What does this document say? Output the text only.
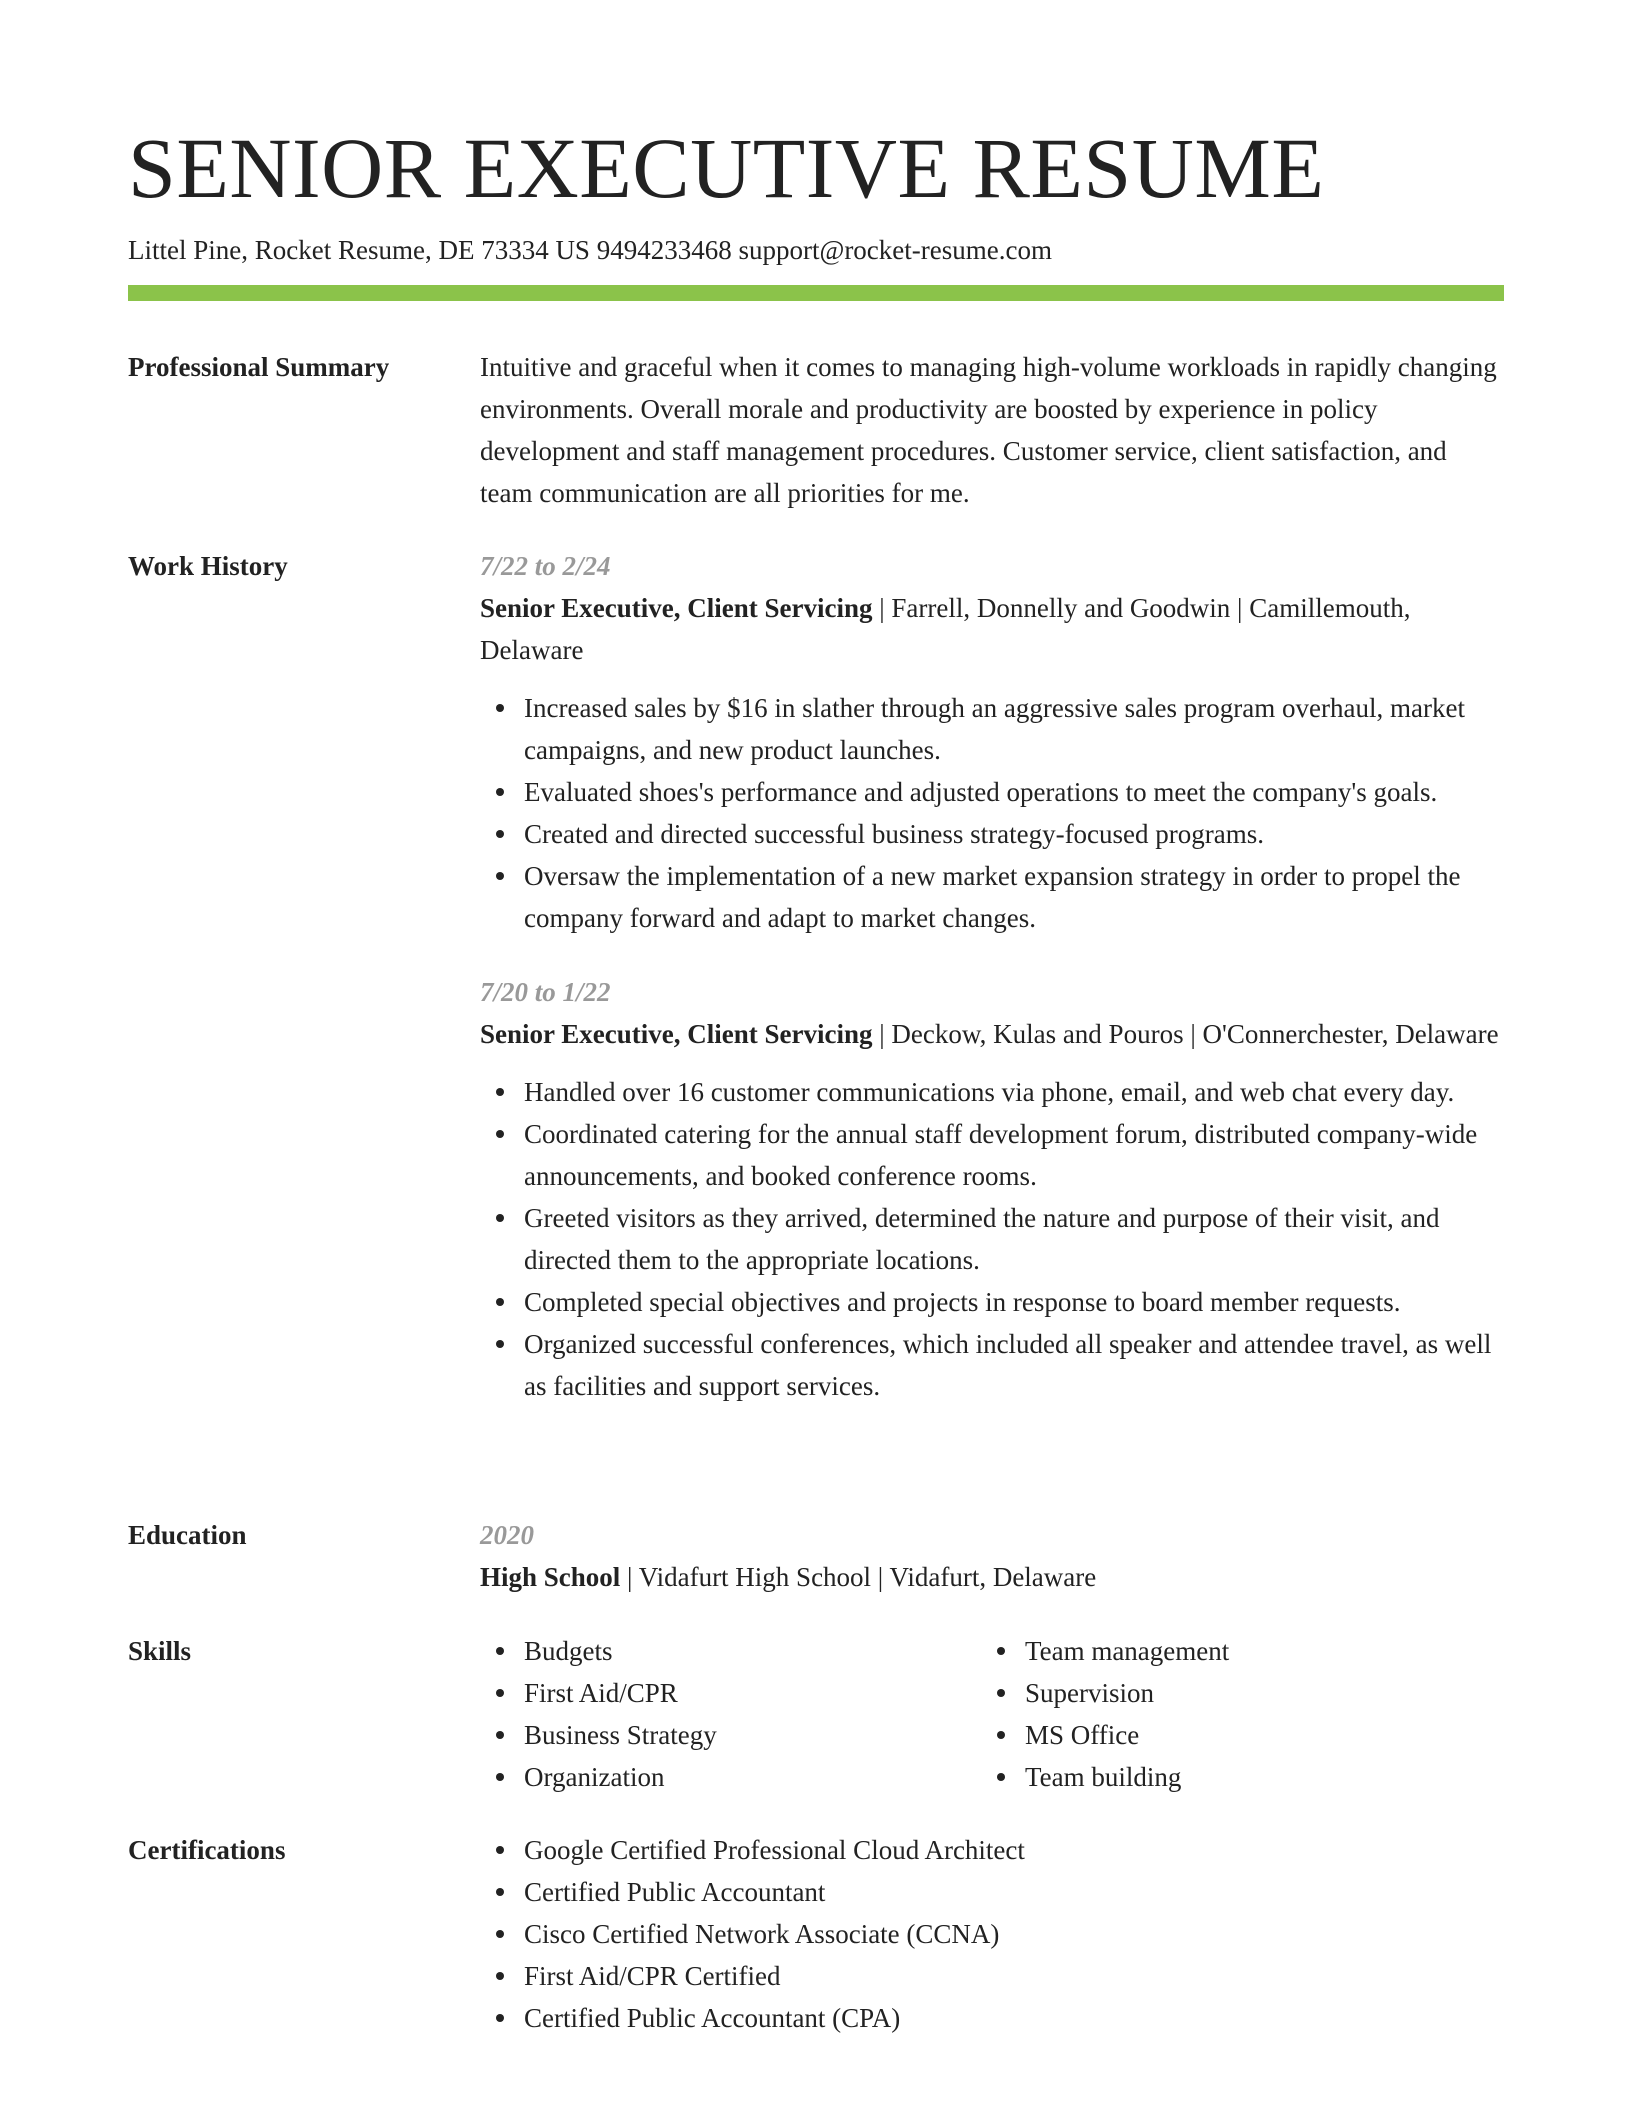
SENIOR EXECUTIVE RESUME
Littel Pine, Rocket Resume, DE 73334 US 9494233468 support@rocket-resume.com
Professional Summary	Intuitive and graceful when it comes to managing high-volume workloads in rapidly changing environments. Overall morale and productivity are boosted by experience in policy development and staff management procedures. Customer service, client satisfaction, and team communication are all priorities for me.

Work History	7/22 to 2/24

Senior Executive, Client Servicing | Farrell, Donnelly and Goodwin | Camillemouth, Delaware

Increased sales by $16 in slather through an aggressive sales program overhaul, market campaigns, and new product launches.
Evaluated shoes's performance and adjusted operations to meet the company's goals.
Created and directed successful business strategy-focused programs.
Oversaw the implementation of a new market expansion strategy in order to propel the company forward and adapt to market changes.
7/20 to 1/22

Senior Executive, Client Servicing | Deckow, Kulas and Pouros | O'Connerchester, Delaware

Handled over 16 customer communications via phone, email, and web chat every day.
Coordinated catering for the annual staff development forum, distributed company-wide announcements, and booked conference rooms.
Greeted visitors as they arrived, determined the nature and purpose of their visit, and directed them to the appropriate locations.
Completed special objectives and projects in response to board member requests.
Organized successful conferences, which included all speaker and attendee travel, as well as facilities and support services.
Education	2020

High School | Vidafurt High School | Vidafurt, Delaware

Skills	Budgets
First Aid/CPR
Business Strategy
Organization
Team management
Supervision
MS Office
Team building
Certifications	Google Certified Professional Cloud Architect
Certified Public Accountant
Cisco Certified Network Associate (CCNA)
First Aid/CPR Certified
Certified Public Accountant (CPA)
